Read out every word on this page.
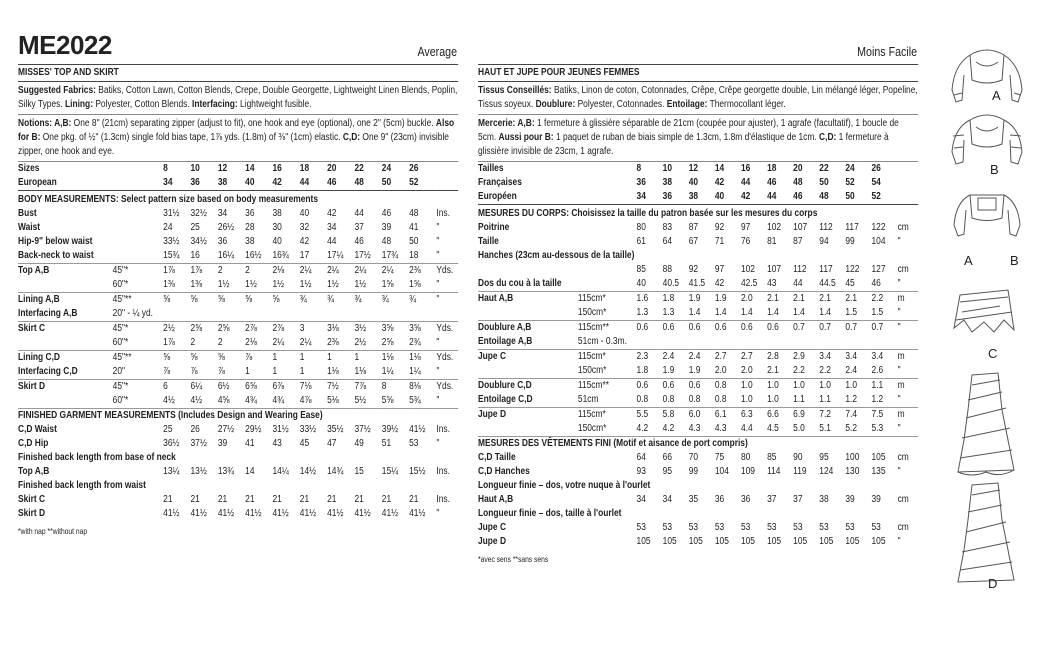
ME2022	Average	Moins Facile
MISSES' TOP AND SKIRT
Suggested Fabrics: Batiks, Cotton Lawn, Cotton Blends, Crepe, Double Georgette, Lightweight Linen Blends, Poplin, Silky Types. Lining: Polyester, Cotton Blends. Interfacing: Lightweight fusible.
Notions: A,B: One 8" (21cm) separating zipper (adjust to fit), one hook and eye (optional), one 2" (5cm) buckle. Also for B: One pkg. of ½" (1.3cm) single fold bias tape, 1⅞ yds. (1.8m) of ⅜" (1cm) elastic. C,D: One 9" (23cm) invisible zipper, one hook and eye.
Sizes		8	10	12	14	16	18	20	22	24	26	
European		34	36	38	40	42	44	46	48	50	52	
BODY MEASUREMENTS: Select pattern size based on body measurements												
Bust		31½	32½	34	36	38	40	42	44	46	48	Ins.
Waist		24	25	26½	28	30	32	34	37	39	41	"
Hip-9" below waist		33½	34½	36	38	40	42	44	46	48	50	"
Back-neck to waist		15¾	16	16¼	16½	16¾	17	17¼	17½	17¾	18	"
Top A,B	45"*	1⅞	1⅞	2	2	2⅛	2¼	2¼	2¼	2¼	2⅜	Yds.
	60"*	1⅜	1⅜	1½	1½	1½	1½	1½	1½	1⅝	1⅝	"
Lining A,B	45"**	⅝	⅝	⅝	⅝	⅝	¾	¾	¾	¾	¾	"
Interfacing A,B	20" - ¼ yd.											
Skirt C	45"*	2½	2⅝	2⅝	2⅞	2⅞	3	3⅛	3½	3⅝	3⅝	Yds.
	60"*	1⅞	2	2	2⅛	2¼	2¼	2⅜	2½	2⅝	2¾	"
Lining C,D	45"**	⅝	⅝	⅝	⅞	1	1	1	1	1⅛	1⅛	Yds.
Interfacing C,D	20"	⅞	⅞	⅞	1	1	1	1⅛	1⅛	1¼	1¼	"
Skirt D	45"*	6	6¼	6½	6⅝	6⅞	7⅛	7½	7⅞	8	8⅛	Yds.
	60"*	4½	4½	4⅝	4¾	4¾	4⅞	5⅛	5½	5⅝	5¾	"
FINISHED GARMENT MEASUREMENTS (Includes Design and Wearing Ease)												
C,D Waist		25	26	27½	29½	31½	33½	35½	37½	39½	41½	Ins.
C,D Hip		36½	37½	39	41	43	45	47	49	51	53	"
Finished back length from base of neck												
Top A,B		13¼	13½	13¾	14	14¼	14½	14¾	15	15¼	15½	Ins.
Finished back length from waist												
Skirt C		21	21	21	21	21	21	21	21	21	21	Ins.
Skirt D		41½	41½	41½	41½	41½	41½	41½	41½	41½	41½	"
*with nap **without nap
HAUT ET JUPE POUR JEUNES FEMMES
Tissus Conseillés: Batiks, Linon de coton, Cotonnades, Crêpe, Crêpe georgette double, Lin mélangé léger, Popeline, Tissus soyeux. Doublure: Polyester, Cotonnades. Entoilage: Thermocollant léger.
Mercerie: A,B: 1 fermeture à glissière séparable de 21cm (coupée pour ajuster), 1 agrafe (facultatif), 1 boucle de 5cm. Aussi pour B: 1 paquet de ruban de biais simple de 1.3cm, 1.8m d'élastique de 1cm. C,D: 1 fermeture à glissière invisible de 23cm, 1 agrafe.
Tailles		8	10	12	14	16	18	20	22	24	26	
Françaises		36	38	40	42	44	46	48	50	52	54	
Européen		34	36	38	40	42	44	46	48	50	52	
MESURES DU CORPS: Choisissez la taille du patron basée sur les mesures du corps												
Poitrine		80	83	87	92	97	102	107	112	117	122	cm
Taille		61	64	67	71	76	81	87	94	99	104	"
Hanches (23cm au-dessous de la taille)												
		85	88	92	97	102	107	112	117	122	127	cm
Dos du cou à la taille		40	40.5	41.5	42	42.5	43	44	44.5	45	46	"
Haut A,B	115cm*	1.6	1.8	1.9	1.9	2.0	2.1	2.1	2.1	2.1	2.2	m
	150cm*	1.3	1.3	1.4	1.4	1.4	1.4	1.4	1.4	1.5	1.5	"
Doublure A,B	115cm**	0.6	0.6	0.6	0.6	0.6	0.6	0.7	0.7	0.7	0.7	"
Entoilage A,B	51cm - 0.3m.											
Jupe C	115cm*	2.3	2.4	2.4	2.7	2.7	2.8	2.9	3.4	3.4	3.4	m
	150cm*	1.8	1.9	1.9	2.0	2.0	2.1	2.2	2.2	2.4	2.6	"
Doublure C,D	115cm**	0.6	0.6	0.6	0.8	1.0	1.0	1.0	1.0	1.0	1.1	m
Entoilage C,D	51cm	0.8	0.8	0.8	0.8	1.0	1.0	1.1	1.1	1.2	1.2	"
Jupe D	115cm*	5.5	5.8	6.0	6.1	6.3	6.6	6.9	7.2	7.4	7.5	m
	150cm*	4.2	4.2	4.3	4.3	4.4	4.5	5.0	5.1	5.2	5.3	"
MESURES DES VÊTEMENTS FINI (Motif et aisance de port compris)												
C,D Taille		64	66	70	75	80	85	90	95	100	105	cm
C,D Hanches		93	95	99	104	109	114	119	124	130	135	"
Longueur finie – dos, votre nuque à l'ourlet												
Haut A,B		34	34	35	36	36	37	37	38	39	39	cm
Longueur finie – dos, taille à l'ourlet												
Jupe C		53	53	53	53	53	53	53	53	53	53	cm
Jupe D		105	105	105	105	105	105	105	105	105	105	"
*avec sens **sans sens
A
B
A	B
C
D
